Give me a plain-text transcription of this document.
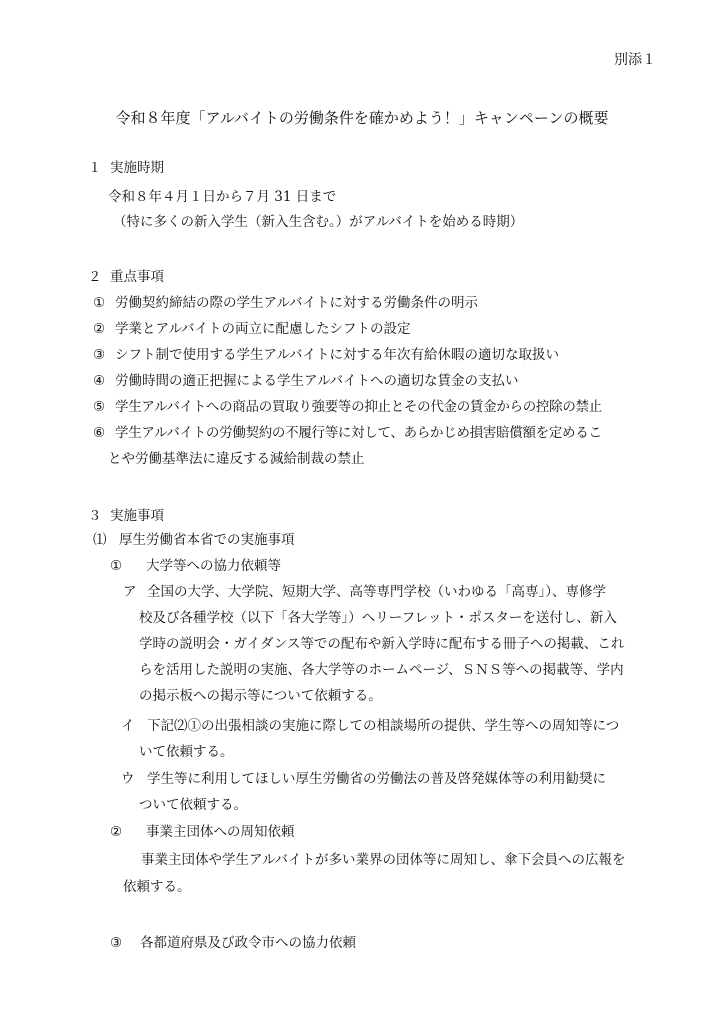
別添１
令和８年度「アルバイトの労働条件を確かめよう！」キャンペーンの概要
１ 実施時期
令和８年４月１日から７月 31 日まで
（特に多くの新入学生（新入生含む。）がアルバイトを始める時期）
２ 重点事項
① 労働契約締結の際の学生アルバイトに対する労働条件の明示
② 学業とアルバイトの両立に配慮したシフトの設定
③ シフト制で使用する学生アルバイトに対する年次有給休暇の適切な取扱い
④ 労働時間の適正把握による学生アルバイトへの適切な賃金の支払い
⑤ 学生アルバイトへの商品の買取り強要等の抑止とその代金の賃金からの控除の禁止
⑥ 学生アルバイトの労働契約の不履行等に対して、あらかじめ損害賠償額を定めるこ
とや労働基準法に違反する減給制裁の禁止
３ 実施事項
⑴ 厚生労働省本省での実施事項
① 大学等への協力依頼等
ア 全国の大学、大学院、短期大学、高等専門学校（いわゆる「高専」）、専修学
校及び各種学校（以下「各大学等」）へリーフレット・ポスターを送付し、新入
学時の説明会・ガイダンス等での配布や新入学時に配布する冊子への掲載、これ
らを活用した説明の実施、各大学等のホームページ、ＳＮＳ等への掲載等、学内
の掲示板への掲示等について依頼する。
イ 下記⑵①の出張相談の実施に際しての相談場所の提供、学生等への周知等につ
いて依頼する。
ウ 学生等に利用してほしい厚生労働省の労働法の普及啓発媒体等の利用勧奨に
ついて依頼する。
② 事業主団体への周知依頼
事業主団体や学生アルバイトが多い業界の団体等に周知し、傘下会員への広報を
依頼する。
③ 各都道府県及び政令市への協力依頼
